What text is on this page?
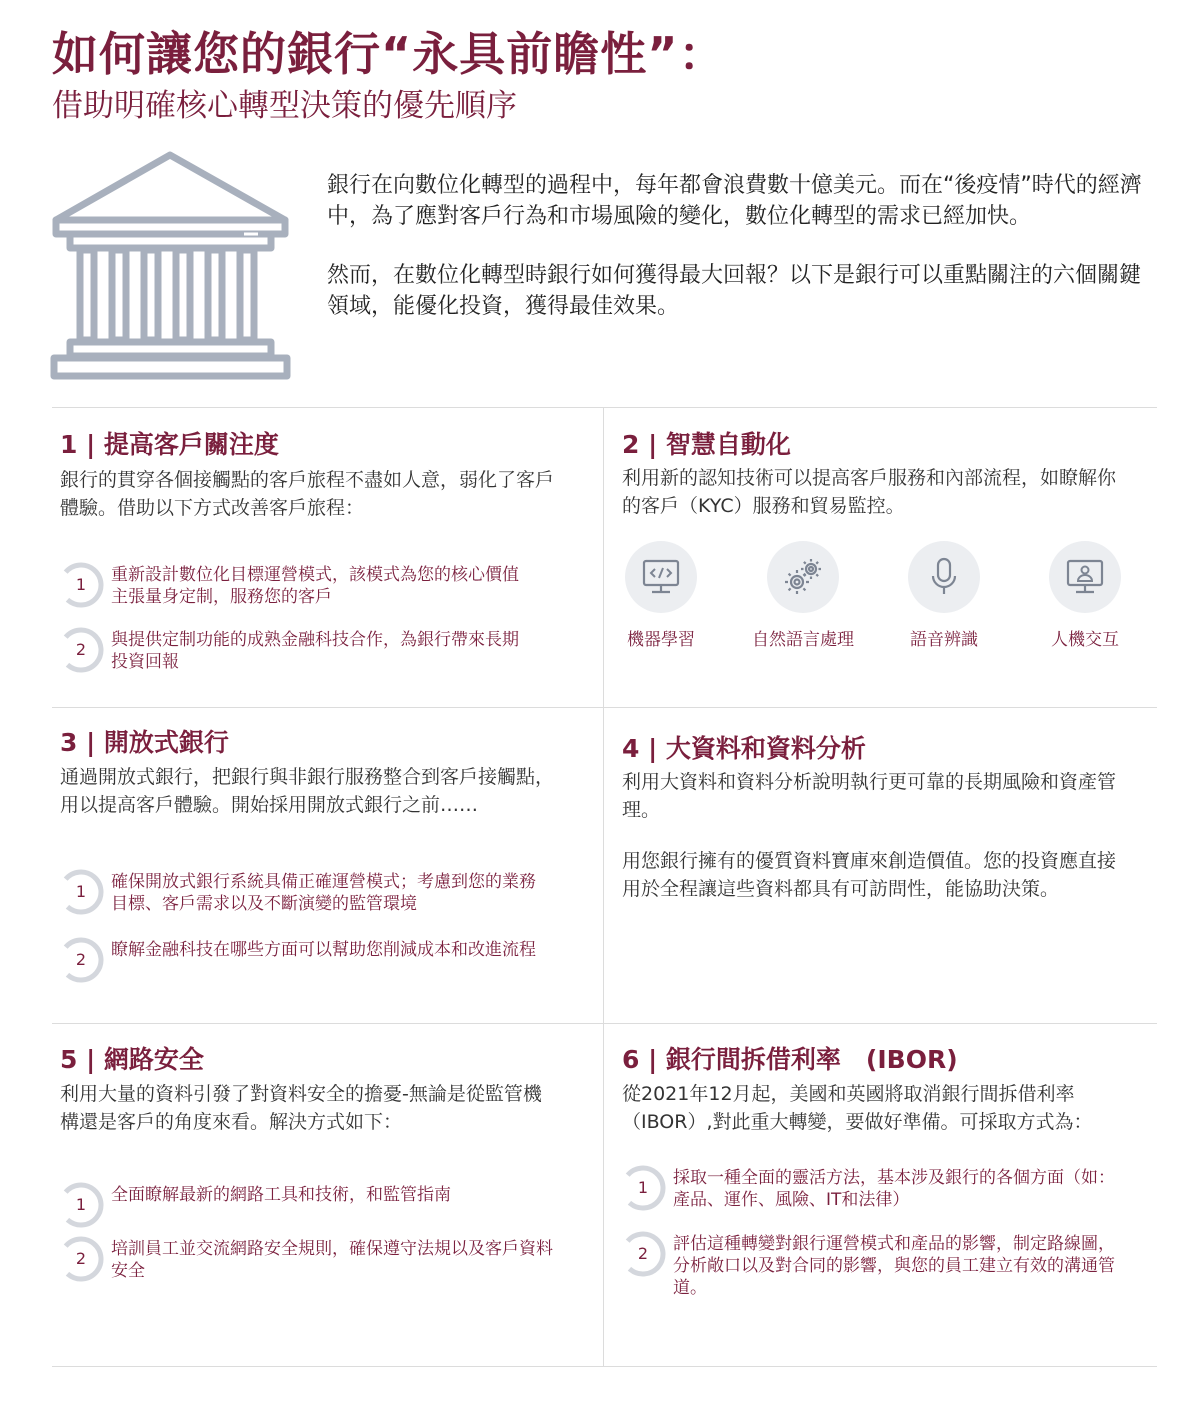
如何讓您的銀行“永具前瞻性”：
借助明確核心轉型決策的優先順序

銀行在向數位化轉型的過程中，每年都會浪費數十億美元。而在“後疫情”時代的經濟中，為了應對客戶行為和市場風險的變化，數位化轉型的需求已經加快。

然而，在數位化轉型時銀行如何獲得最大回報？以下是銀行可以重點關注的六個關鍵領域，能優化投資，獲得最佳效果。

1 | 提高客戶關注度
銀行的貫穿各個接觸點的客戶旅程不盡如人意，弱化了客戶體驗。借助以下方式改善客戶旅程：
1	重新設計數位化目標運營模式，該模式為您的核心價值主張量身定制，服務您的客戶
2	與提供定制功能的成熟金融科技合作，為銀行帶來長期投資回報
2 | 智慧自動化
利用新的認知技術可以提高客戶服務和內部流程，如瞭解你的客戶（KYC）服務和貿易監控。
機器學習	自然語言處理	語音辨識	人機交互
3 | 開放式銀行
通過開放式銀行，把銀行與非銀行服務整合到客戶接觸點，用以提高客戶體驗。開始採用開放式銀行之前……
1	確保開放式銀行系統具備正確運營模式；考慮到您的業務目標、客戶需求以及不斷演變的監管環境
2	瞭解金融科技在哪些方面可以幫助您削減成本和改進流程
4 | 大資料和資料分析
利用大資料和資料分析說明執行更可靠的長期風險和資產管理。
用您銀行擁有的優質資料寶庫來創造價值。您的投資應直接用於全程讓這些資料都具有可訪問性，能協助決策。
5 | 網路安全
利用大量的資料引發了對資料安全的擔憂-無論是從監管機構還是客戶的角度來看。解決方式如下：
1	全面瞭解最新的網路工具和技術，和監管指南
2	培訓員工並交流網路安全規則，確保遵守法規以及客戶資料安全
6 | 銀行間拆借利率　(IBOR)
從2021年12月起，美國和英國將取消銀行間拆借利率（IBOR）,對此重大轉變，要做好準備。可採取方式為：
1	採取一種全面的靈活方法，基本涉及銀行的各個方面（如：產品、運作、風險、IT和法律）
2	評估這種轉變對銀行運營模式和產品的影響，制定路線圖，分析敞口以及對合同的影響，與您的員工建立有效的溝通管道。
